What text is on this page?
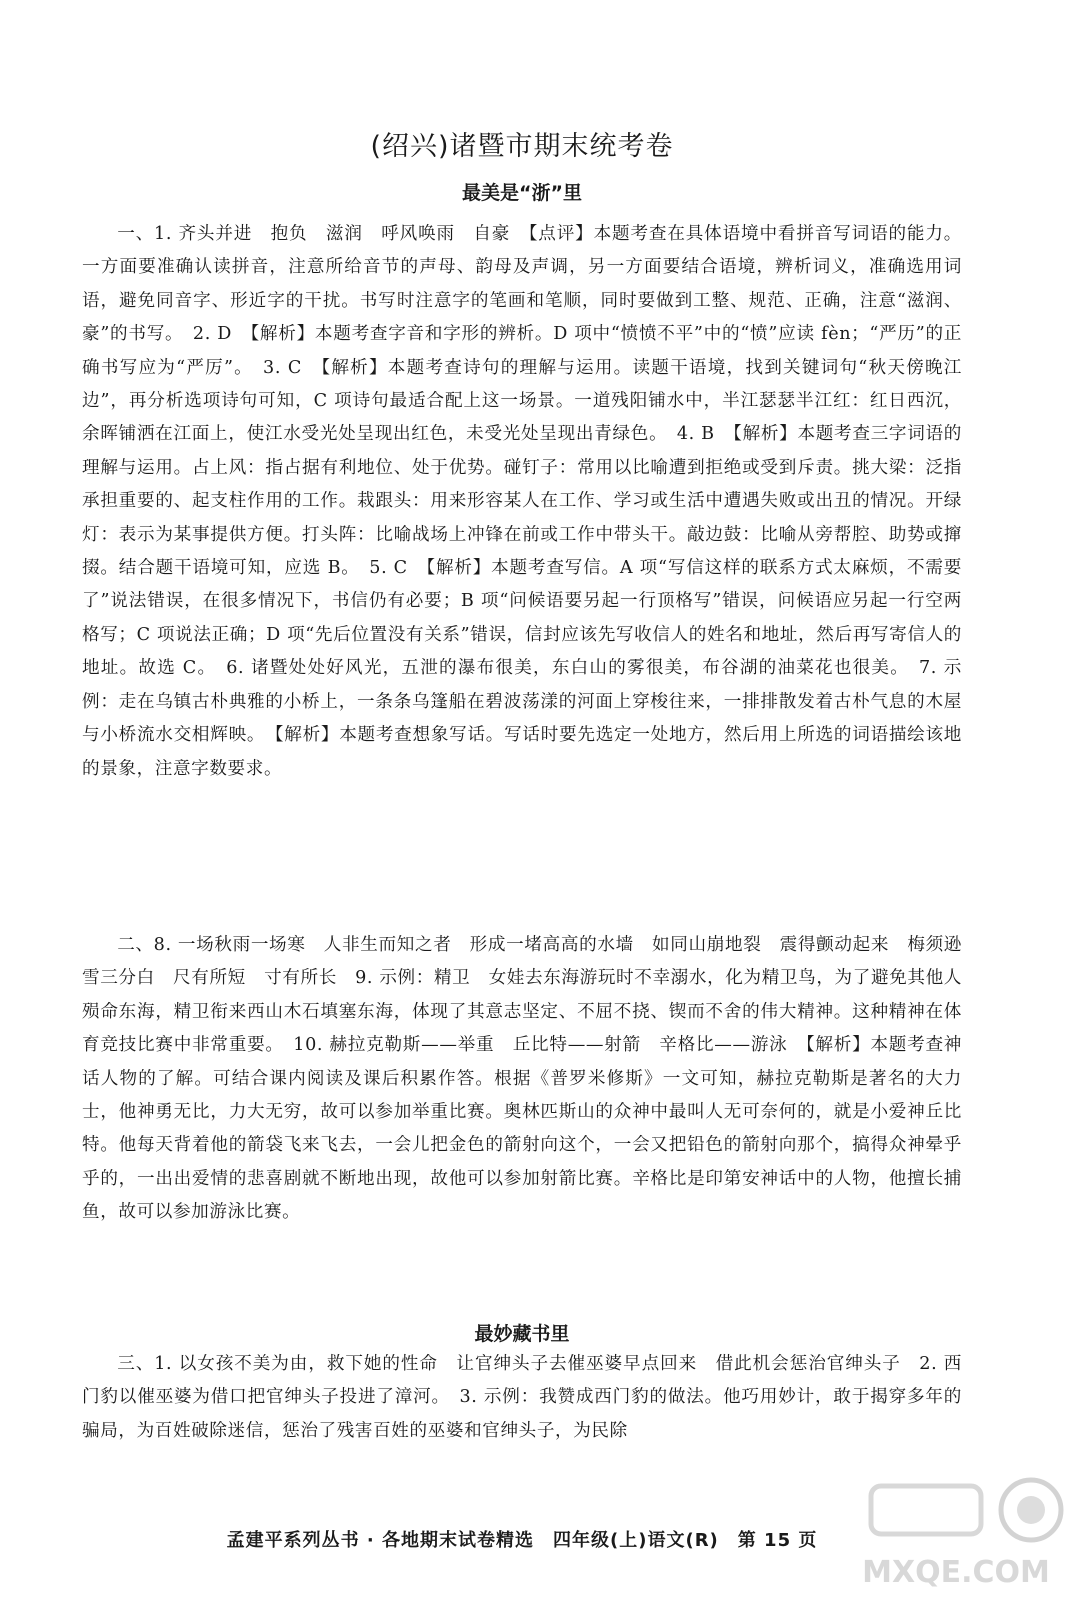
(绍兴)诸暨市期末统考卷
最美是“浙”里

一、1. 齐头并进　抱负　滋润　呼风唤雨　自豪　【点评】本题考查在具体语境中看拼音写词语的能力。一方面要准确认读拼音，注意所给音节的声母、韵母及声调，另一方面要结合语境，辨析词义，准确选用词语，避免同音字、形近字的干扰。书写时注意字的笔画和笔顺，同时要做到工整、规范、正确，注意“滋润、豪”的书写。　2. D　【解析】本题考查字音和字形的辨析。D 项中“愤愤不平”中的“愤”应读 fèn；“严历”的正确书写应为“严厉”。　3. C　【解析】本题考查诗句的理解与运用。读题干语境，找到关键词句“秋天傍晚江边”，再分析选项诗句可知，C 项诗句最适合配上这一场景。一道残阳铺水中，半江瑟瑟半江红：红日西沉，余晖铺洒在江面上，使江水受光处呈现出红色，未受光处呈现出青绿色。　4. B　【解析】本题考查三字词语的理解与运用。占上风：指占据有利地位、处于优势。碰钉子：常用以比喻遭到拒绝或受到斥责。挑大梁：泛指承担重要的、起支柱作用的工作。栽跟头：用来形容某人在工作、学习或生活中遭遇失败或出丑的情况。开绿灯：表示为某事提供方便。打头阵：比喻战场上冲锋在前或工作中带头干。敲边鼓：比喻从旁帮腔、助势或撺掇。结合题干语境可知，应选 B。　5. C　【解析】本题考查写信。A 项“写信这样的联系方式太麻烦，不需要了”说法错误，在很多情况下，书信仍有必要；B 项“问候语要另起一行顶格写”错误，问候语应另起一行空两格写；C 项说法正确；D 项“先后位置没有关系”错误，信封应该先写收信人的姓名和地址，然后再写寄信人的地址。故选 C。　6. 诸暨处处好风光，五泄的瀑布很美，东白山的雾很美，布谷湖的油菜花也很美。　7. 示例：走在乌镇古朴典雅的小桥上，一条条乌篷船在碧波荡漾的河面上穿梭往来，一排排散发着古朴气息的木屋与小桥流水交相辉映。　【解析】本题考查想象写话。写话时要先选定一处地方，然后用上所选的词语描绘该地的景象，注意字数要求。

二、8. 一场秋雨一场寒　人非生而知之者　形成一堵高高的水墙　如同山崩地裂　震得颤动起来　梅须逊雪三分白　尺有所短　寸有所长　9. 示例：精卫　女娃去东海游玩时不幸溺水，化为精卫鸟，为了避免其他人殒命东海，精卫衔来西山木石填塞东海，体现了其意志坚定、不屈不挠、锲而不舍的伟大精神。这种精神在体育竞技比赛中非常重要。　10. 赫拉克勒斯——举重　丘比特——射箭　辛格比——游泳　【解析】本题考查神话人物的了解。可结合课内阅读及课后积累作答。根据《普罗米修斯》一文可知，赫拉克勒斯是著名的大力士，他神勇无比，力大无穷，故可以参加举重比赛。奥林匹斯山的众神中最叫人无可奈何的，就是小爱神丘比特。他每天背着他的箭袋飞来飞去，一会儿把金色的箭射向这个，一会又把铅色的箭射向那个，搞得众神晕乎乎的，一出出爱情的悲喜剧就不断地出现，故他可以参加射箭比赛。辛格比是印第安神话中的人物，他擅长捕鱼，故可以参加游泳比赛。

最妙藏书里

三、1. 以女孩不美为由，救下她的性命　让官绅头子去催巫婆早点回来　借此机会惩治官绅头子　2. 西门豹以催巫婆为借口把官绅头子投进了漳河。　3. 示例：我赞成西门豹的做法。他巧用妙计，敢于揭穿多年的骗局，为百姓破除迷信，惩治了残害百姓的巫婆和官绅头子，为民除

孟建平系列丛书 · 各地期末试卷精选　四年级(上)语文(R)　第 15 页
MXQE.COM
